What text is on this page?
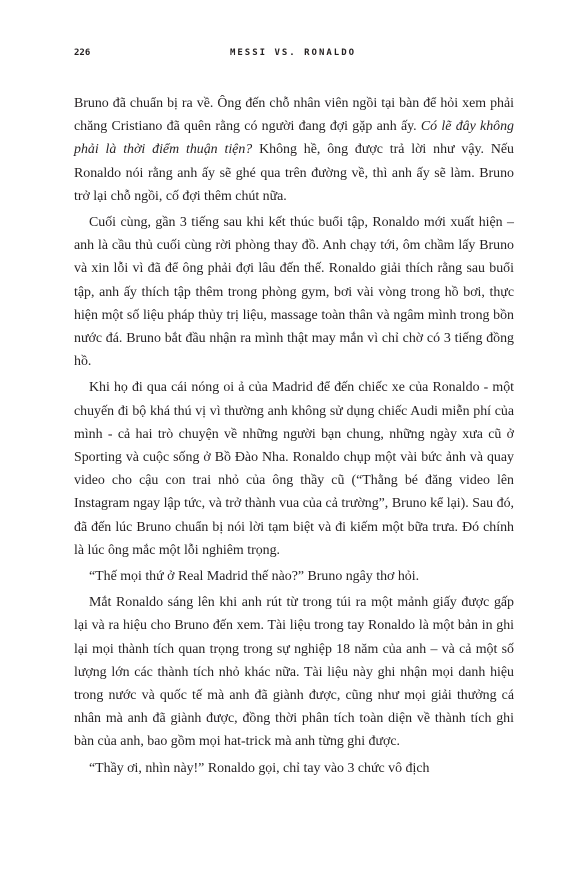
226	MESSI VS. RONALDO

Bruno đã chuẩn bị ra về. Ông đến chỗ nhân viên ngồi tại bàn để hỏi xem phải chăng Cristiano đã quên rằng có người đang đợi gặp anh ấy. Có lẽ đây không phải là thời điểm thuận tiện? Không hề, ông được trả lời như vậy. Nếu Ronaldo nói rằng anh ấy sẽ ghé qua trên đường về, thì anh ấy sẽ làm. Bruno trở lại chỗ ngồi, cố đợi thêm chút nữa.

Cuối cùng, gần 3 tiếng sau khi kết thúc buổi tập, Ronaldo mới xuất hiện – anh là cầu thủ cuối cùng rời phòng thay đồ. Anh chạy tới, ôm chầm lấy Bruno và xin lỗi vì đã để ông phải đợi lâu đến thế. Ronaldo giải thích rằng sau buổi tập, anh ấy thích tập thêm trong phòng gym, bơi vài vòng trong hồ bơi, thực hiện một số liệu pháp thủy trị liệu, massage toàn thân và ngâm mình trong bồn nước đá. Bruno bắt đầu nhận ra mình thật may mắn vì chỉ chờ có 3 tiếng đồng hồ.

Khi họ đi qua cái nóng oi ả của Madrid để đến chiếc xe của Ronaldo - một chuyến đi bộ khá thú vị vì thường anh không sử dụng chiếc Audi miễn phí của mình - cả hai trò chuyện về những người bạn chung, những ngày xưa cũ ở Sporting và cuộc sống ở Bồ Đào Nha. Ronaldo chụp một vài bức ảnh và quay video cho cậu con trai nhỏ của ông thầy cũ (“Thằng bé đăng video lên Instagram ngay lập tức, và trở thành vua của cả trường”, Bruno kể lại). Sau đó, đã đến lúc Bruno chuẩn bị nói lời tạm biệt và đi kiếm một bữa trưa. Đó chính là lúc ông mắc một lỗi nghiêm trọng.

“Thế mọi thứ ở Real Madrid thế nào?” Bruno ngây thơ hỏi.

Mắt Ronaldo sáng lên khi anh rút từ trong túi ra một mảnh giấy được gấp lại và ra hiệu cho Bruno đến xem. Tài liệu trong tay Ronaldo là một bản in ghi lại mọi thành tích quan trọng trong sự nghiệp 18 năm của anh – và cả một số lượng lớn các thành tích nhỏ khác nữa. Tài liệu này ghi nhận mọi danh hiệu trong nước và quốc tế mà anh đã giành được, cũng như mọi giải thưởng cá nhân mà anh đã giành được, đồng thời phân tích toàn diện về thành tích ghi bàn của anh, bao gồm mọi hat-trick mà anh từng ghi được.

“Thầy ơi, nhìn này!” Ronaldo gọi, chỉ tay vào 3 chức vô địch
